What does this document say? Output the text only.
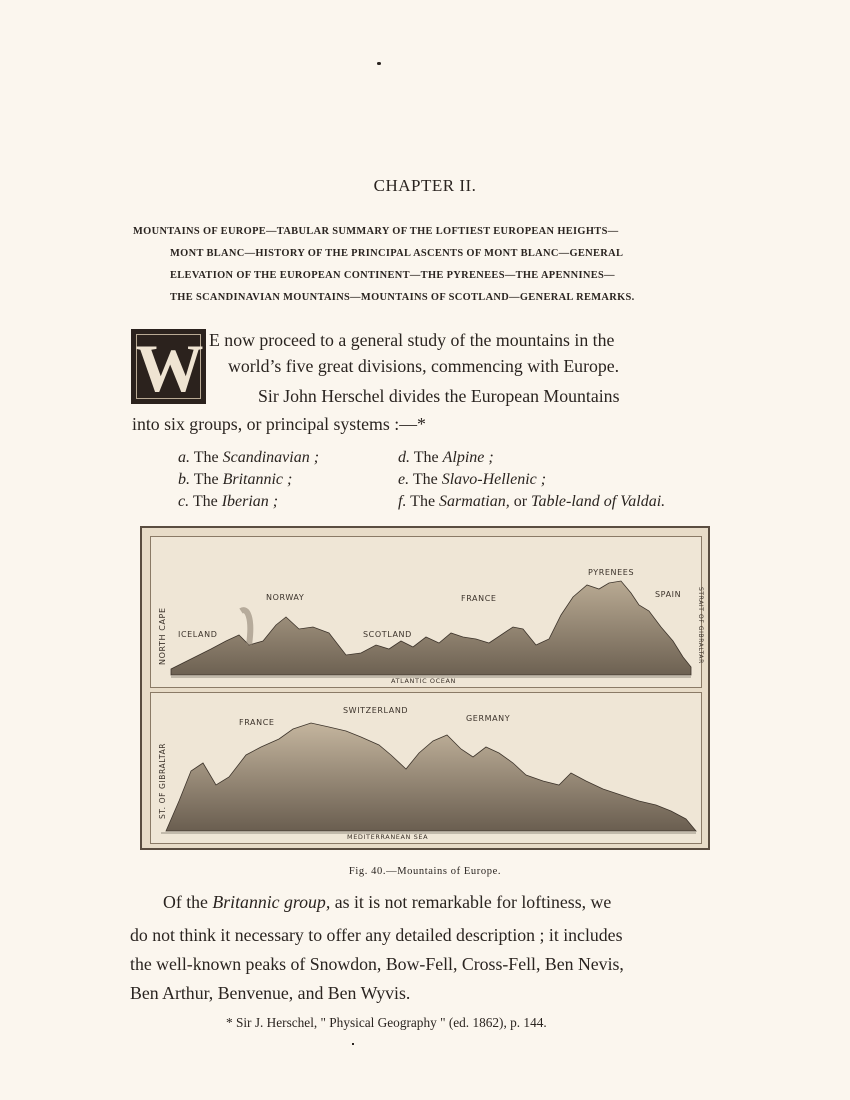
CHAPTER II.
MOUNTAINS OF EUROPE—TABULAR SUMMARY OF THE LOFTIEST EUROPEAN HEIGHTS—
MONT BLANC—HISTORY OF THE PRINCIPAL ASCENTS OF MONT BLANC—GENERAL
ELEVATION OF THE EUROPEAN CONTINENT—THE PYRENEES—THE APENNINES—
THE SCANDINAVIAN MOUNTAINS—MOUNTAINS OF SCOTLAND—GENERAL REMARKS.
W E now proceed to a general study of the mountains in the
world’s five great divisions, commencing with Europe.
Sir John Herschel divides the European Mountains
into six groups, or principal systems :—*
a. The Scandinavian ;
b. The Britannic ;
c. The Iberian ;
d. The Alpine ;
e. The Slavo-Hellenic ;
f. The Sarmatian, or Table-land of Valdai.
NORTH CAPE	STRAIT OF GIBRALTAR
ICELAND
NORWAY
SCOTLAND
FRANCE
PYRENEES
SPAIN
ATLANTIC OCEAN
ST. OF GIBRALTAR
FRANCE
SWITZERLAND
GERMANY
MEDITERRANEAN SEA
Fig. 40.—Mountains of Europe.
Of the Britannic group, as it is not remarkable for loftiness, we
do not think it necessary to offer any detailed description ; it includes
the well-known peaks of Snowdon, Bow-Fell, Cross-Fell, Ben Nevis,
Ben Arthur, Benvenue, and Ben Wyvis.
* Sir J. Herschel, " Physical Geography " (ed. 1862), p. 144.
